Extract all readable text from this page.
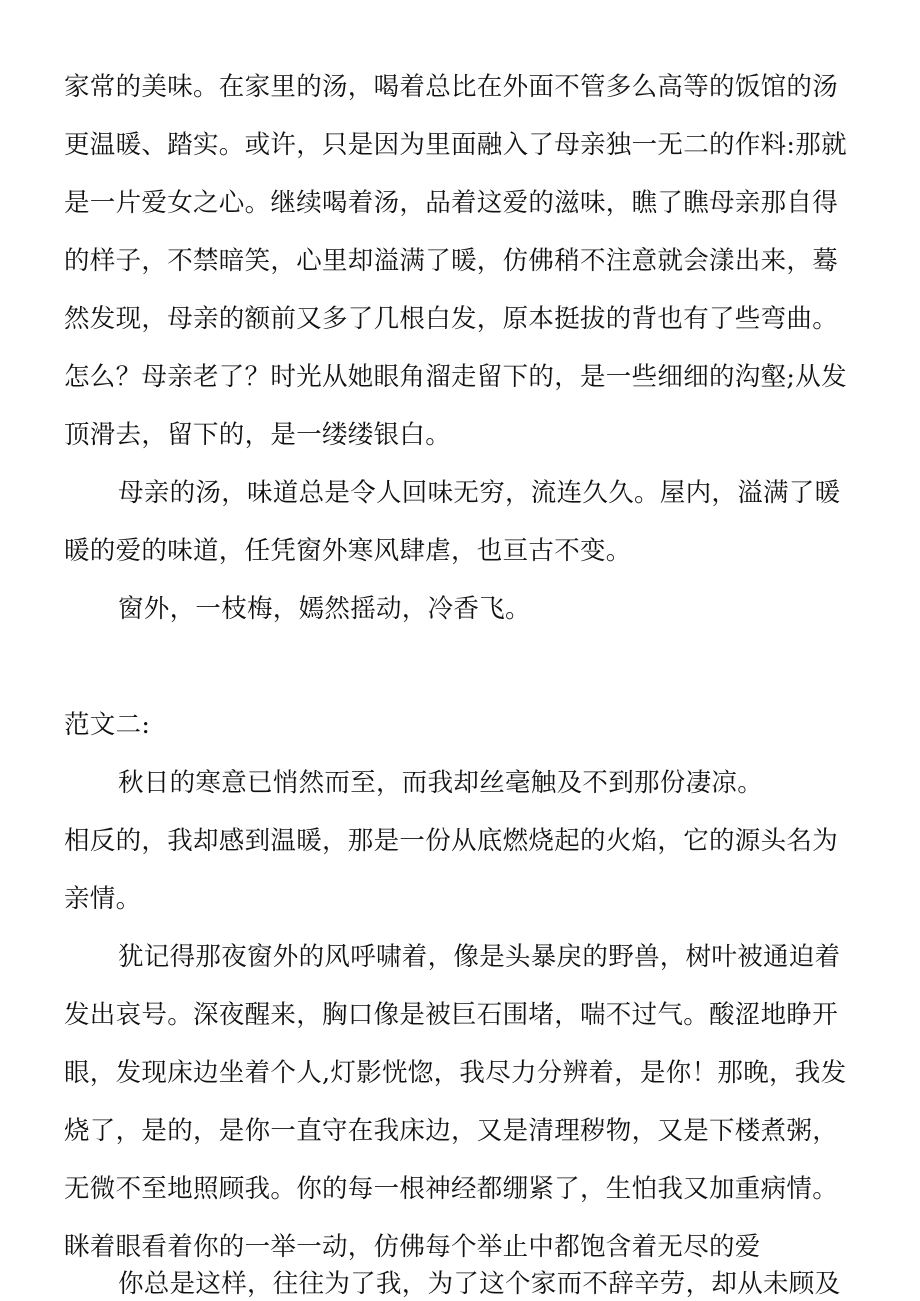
家常的美味。在家里的汤，喝着总比在外面不管多么高等的饭馆的汤
更温暖、踏实。或许，只是因为里面融入了母亲独一无二的作料:那就
是一片爱女之心。继续喝着汤，品着这爱的滋味，瞧了瞧母亲那自得
的样子，不禁暗笑，心里却溢满了暖，仿佛稍不注意就会漾出来，蓦
然发现，母亲的额前又多了几根白发，原本挺拔的背也有了些弯曲。
怎么？母亲老了？时光从她眼角溜走留下的，是一些细细的沟壑;从发
顶滑去，留下的，是一缕缕银白。
母亲的汤，味道总是令人回味无穷，流连久久。屋内，溢满了暖
暖的爱的味道，任凭窗外寒风肆虐，也亘古不变。
窗外，一枝梅，嫣然摇动，冷香飞。
范文二:
秋日的寒意已悄然而至，而我却丝毫触及不到那份凄凉。
相反的，我却感到温暖，那是一份从底燃烧起的火焰，它的源头名为
亲情。
犹记得那夜窗外的风呼啸着，像是头暴戾的野兽，树叶被通迫着
发出哀号。深夜醒来，胸口像是被巨石围堵，喘不过气。酸涩地睁开
眼，发现床边坐着个人,灯影恍惚，我尽力分辨着，是你！那晚，我发
烧了，是的，是你一直守在我床边，又是清理秽物，又是下楼煮粥，
无微不至地照顾我。你的每一根神经都绷紧了，生怕我又加重病情。
眯着眼看着你的一举一动，仿佛每个举止中都饱含着无尽的爱
你总是这样，往往为了我，为了这个家而不辞辛劳，却从未顾及
